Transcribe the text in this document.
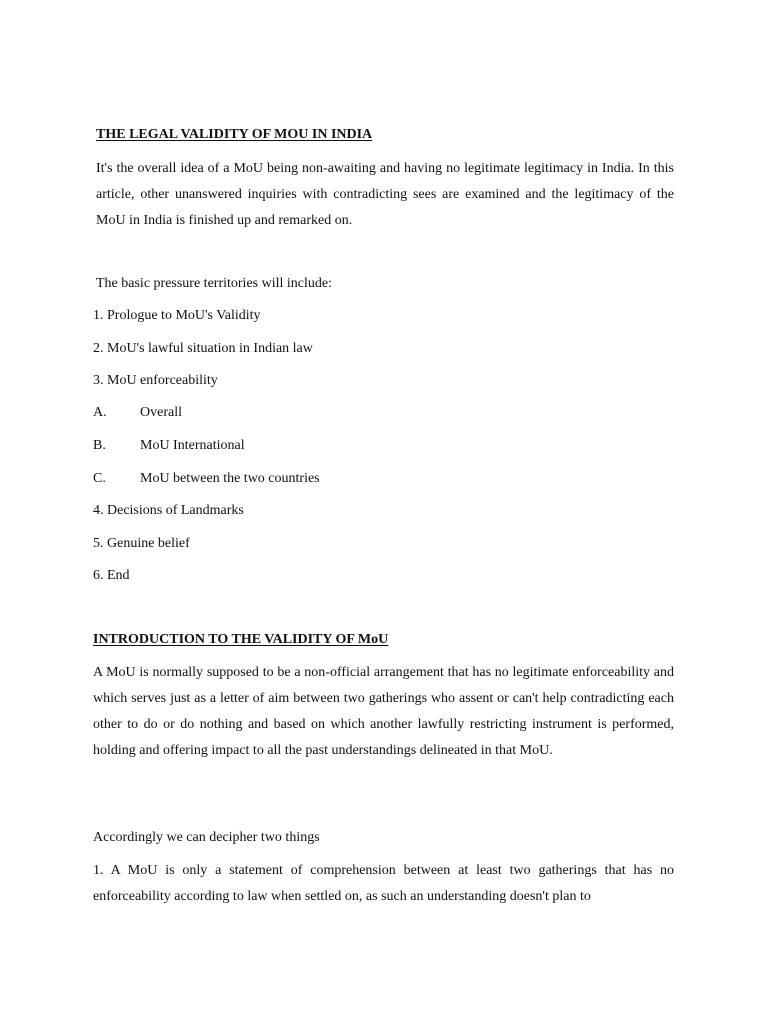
THE LEGAL VALIDITY OF MOU IN INDIA

It's the overall idea of a MoU being non-awaiting and having no legitimate legitimacy in India. In this article, other unanswered inquiries with contradicting sees are examined and the legitimacy of the MoU in India is finished up and remarked on.

The basic pressure territories will include:
1. Prologue to MoU's Validity
2. MoU's lawful situation in Indian law
3. MoU enforceability
A. Overall
B. MoU International
C. MoU between the two countries
4. Decisions of Landmarks
5. Genuine belief
6. End
INTRODUCTION TO THE VALIDITY OF MoU

A MoU is normally supposed to be a non-official arrangement that has no legitimate enforceability and which serves just as a letter of aim between two gatherings who assent or can't help contradicting each other to do or do nothing and based on which another lawfully restricting instrument is performed, holding and offering impact to all the past understandings delineated in that MoU.

Accordingly we can decipher two things

1. A MoU is only a statement of comprehension between at least two gatherings that has no enforceability according to law when settled on, as such an understanding doesn't plan to
